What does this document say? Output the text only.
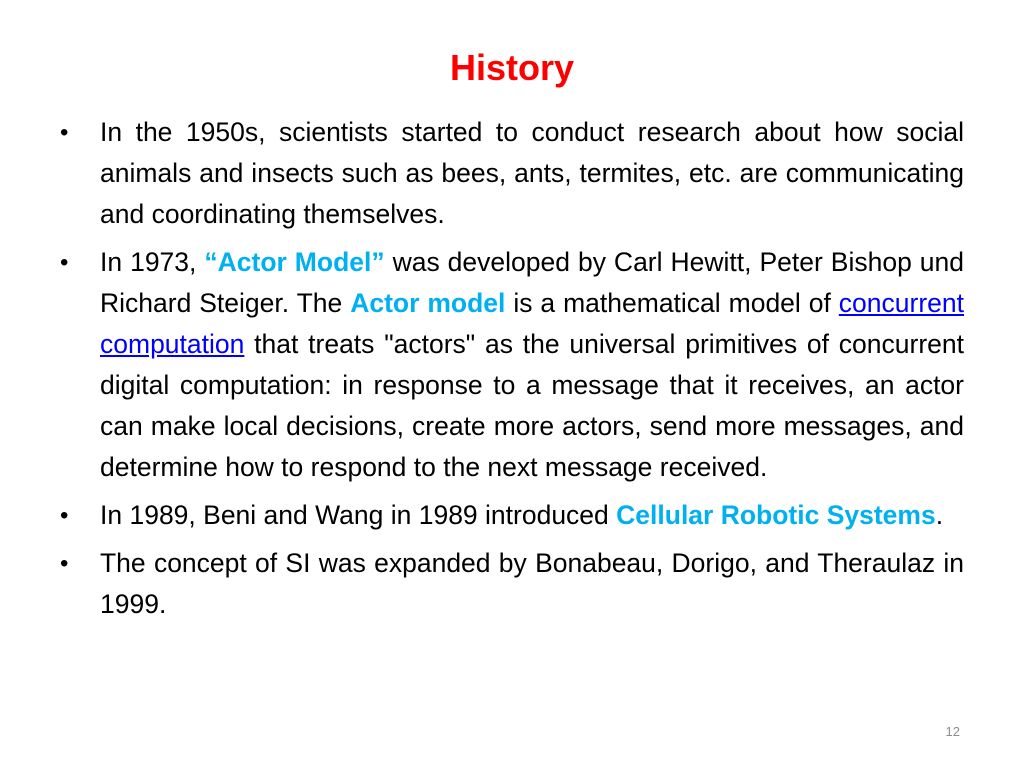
History
• In the 1950s, scientists started to conduct research about how social animals and insects such as bees, ants, termites, etc. are communicating and coordinating themselves.
• In 1973, “Actor Model” was developed by Carl Hewitt, Peter Bishop und Richard Steiger. The Actor model is a mathematical model of concurrent computation that treats "actors" as the universal primitives of concurrent digital computation: in response to a message that it receives, an actor can make local decisions, create more actors, send more messages, and determine how to respond to the next message received.
• In 1989, Beni and Wang in 1989 introduced Cellular Robotic Systems.
• The concept of SI was expanded by Bonabeau, Dorigo, and Theraulaz in 1999.
12
